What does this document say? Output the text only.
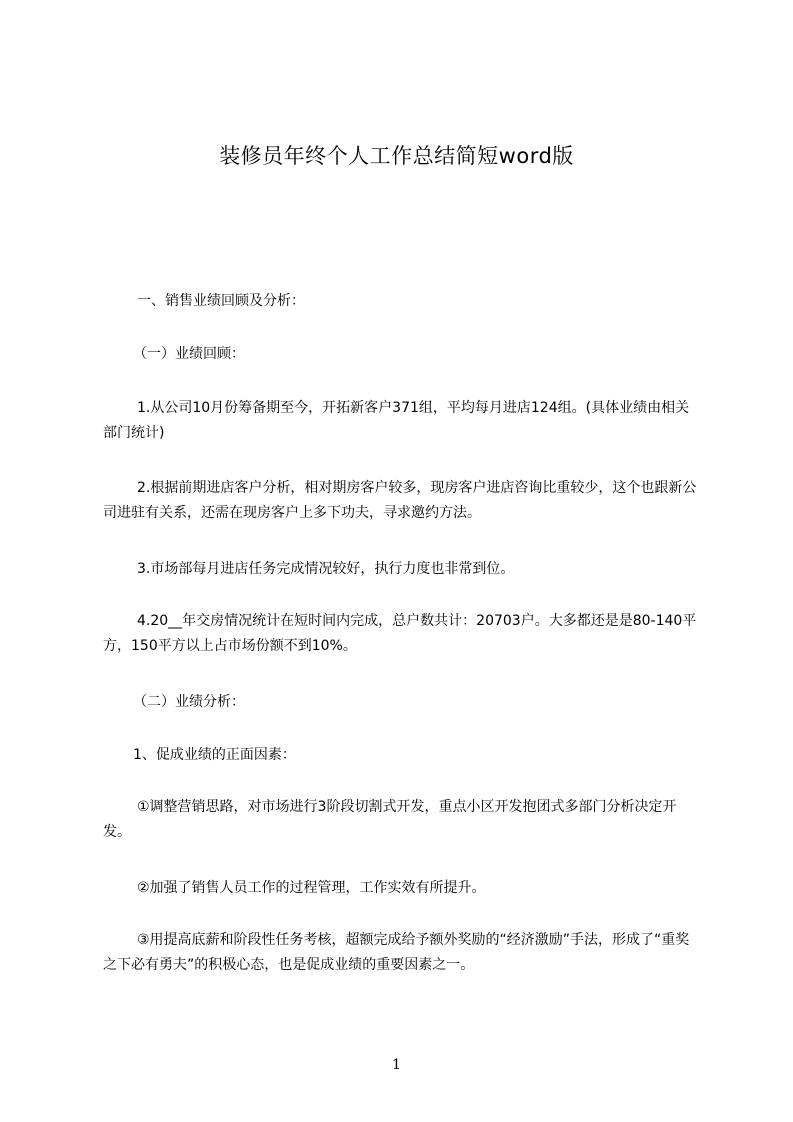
装修员年终个人工作总结简短word版
一、销售业绩回顾及分析：
（一）业绩回顾：
1.从公司10月份筹备期至今，开拓新客户371组，平均每月进店124组。(具体业绩由相关部门统计)
2.根据前期进店客户分析，相对期房客户较多，现房客户进店咨询比重较少，这个也跟新公司进驻有关系，还需在现房客户上多下功夫，寻求邀约方法。
3.市场部每月进店任务完成情况较好，执行力度也非常到位。
4.20__年交房情况统计在短时间内完成，总户数共计：20703户。大多都还是是80-140平方，150平方以上占市场份额不到10%。
（二）业绩分析：
1、促成业绩的正面因素：
①调整营销思路，对市场进行3阶段切割式开发，重点小区开发抱团式多部门分析决定开发。
②加强了销售人员工作的过程管理，工作实效有所提升。
③用提高底薪和阶段性任务考核，超额完成给予额外奖励的“经济激励”手法，形成了“重奖之下必有勇夫”的积极心态，也是促成业绩的重要因素之一。
1
